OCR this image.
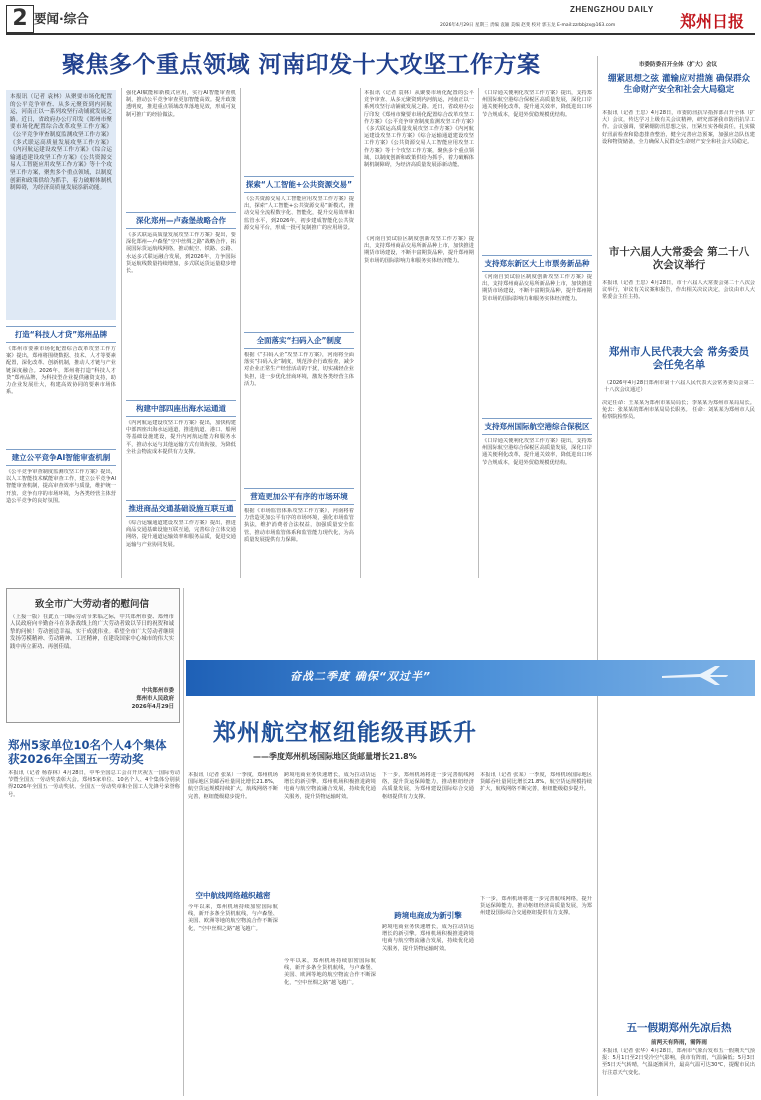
2 要闻·综合
ZHENGZHOU DAILY
2026年4月29日 星期三 责编 袁颖 美编 赵斐 校对 郭玉龙 E-mail:zzrbbjzx@163.com	郑州日报
聚焦多个重点领域 河南印发十大攻坚工作方案
本报讯（记者 袁林）从聚要市场化配置的公平竞争审查、从多元聚资到内河航运，河南正以一系列攻坚行动铺就发展之路。近日，省政府办公厅印发《郑州市聚要市场化配置综合改革攻坚工作方案》《公平竞争审查制度监测攻坚工作方案》《多式联运高质量发展攻坚工作方案》《内河航运建设攻坚工作方案》《综合运输通道建设攻坚工作方案》《公共资源交易人工智能应用攻坚工作方案》等十个攻坚工作方案，聚焦多个重点领域，以制度创新和政策供给为抓手，着力破解体制机制障碍，为经济高质量发展添新动能。
打造“科技人才贷”郑州品牌
《郑州市要素市场化配置综合改革攻坚工作方案》提出，郑州将围绕数据、技术、人才等要素配置，深化改革、创新机制，推动人才链与产业链深度融合。2026年，郑州将打造“科技人才贷”郑州品牌，为科技型企业提供融资支持，助力企业发展壮大，构建高效协同的要素市场体系。
建立公平竞争AI智能审查机制
《公平竞争审查制度监测攻坚工作方案》提出，以人工智能技术赋能审查工作，建立公平竞争AI智能审查机制，提高审查效率与质量，维护统一开放、竞争有序的市场环境，为各类经营主体营造公平竞争的良好氛围。
强化AI赋能和新模式应用，实行AI智能审查机制，推动公平竞争审查更加智能高效。提升政策透明度，推进重点领域改革落地见效，形成可复制可推广的经验做法。
深化郑州—卢森堡战略合作
《多式联运高质量发展攻坚工作方案》提出，要深化郑州—卢森堡“空中丝绸之路”战略合作，拓展国际货运航线网络，推动航空、铁路、公路、水运多式联运融合发展，到2026年，力争国际货运航线数量持续增加，多式联运货运量稳步增长。
构建中部四座出海水运通道
《内河航运建设攻坚工作方案》提出，加快构建中部四座出海水运通道，推进航道、港口、船闸等基础设施建设，提升内河航运能力和服务水平，推动水运与其他运输方式有效衔接，为降低全社会物流成本提供有力支撑。
推进商品交通基础设施互联互通
《综合运输通道建设攻坚工作方案》提出，推进商品交通基础设施互联互通，完善综合立体交通网络，提升通道运输效率和服务品质，促进交通运输与产业协同发展。
探索“人工智能+公共资源交易”
《公共资源交易人工智能应用攻坚工作方案》提出，探索“人工智能+公共资源交易”新模式，推动交易全流程数字化、智能化，提升交易效率和监管水平，到2026年，初步建成智能化公共资源交易平台，形成一批可复制推广的应用场景。
全面落实“扫码入企”制度
根据《“扫码入企”攻坚工作方案》，河南将全面落实“扫码入企”制度，规范涉企行政检查，减少对企业正常生产经营活动的干扰，切实减轻企业负担，进一步优化营商环境，激发各类经营主体活力。
营造更加公平有序的市场环境
根据《市场监管体系攻坚工作方案》，河南将着力营造更加公平有序的市场环境，强化市场监管执法，维护消费者合法权益，加强质量安全监管，推动市场监管体系和监管能力现代化，为高质量发展提供有力保障。
本报讯（记者 袁林）从聚要市场化配置的公平竞争审查、从多元聚资到内河航运，河南正以一系列攻坚行动铺就发展之路。近日，省政府办公厅印发《郑州市聚要市场化配置综合改革攻坚工作方案》《公平竞争审查制度监测攻坚工作方案》《多式联运高质量发展攻坚工作方案》《内河航运建设攻坚工作方案》《综合运输通道建设攻坚工作方案》《公共资源交易人工智能应用攻坚工作方案》等十个攻坚工作方案，聚焦多个重点领域，以制度创新和政策供给为抓手，着力破解体制机制障碍，为经济高质量发展添新动能。
《河南自贸试验区制度创新攻坚工作方案》提出，支持郑州商品交易所新品种上市，加快推进期货市场建设，不断丰富期货品种，提升郑州期货市场的国际影响力和服务实体经济能力。
《口岸通关便利化攻坚工作方案》提出，支持郑州国际航空港综合保税区高质量发展，深化口岸通关便利化改革，提升通关效率，降低进出口环节合规成本，促进外贸稳规模优结构。
支持郑东新区大上市票务新品种
《河南自贸试验区制度创新攻坚工作方案》提出，支持郑州商品交易所新品种上市，加快推进期货市场建设，不断丰富期货品种，提升郑州期货市场的国际影响力和服务实体经济能力。
支持郑州国际航空港综合保税区
《口岸通关便利化攻坚工作方案》提出，支持郑州国际航空港综合保税区高质量发展，深化口岸通关便利化改革，提升通关效率，降低进出口环节合规成本，促进外贸稳规模优结构。
市委防委召开全体（扩大）会议
绷紧思想之弦 灌输应对措施 确保群众生命财产安全和社会大局稳定
本报讯（记者 王思）4月28日，市委防汛抗旱指挥部召开全体（扩大）会议，传达学习上级有关会议精神，研究部署我市防汛抗旱工作。会议强调，要紧绷防汛思想之弦，压紧压实各级责任，扎实做好汛前检查和隐患排查整治，健全完善应急预案，加强应急队伍建设和物资储备，全力确保人民群众生命财产安全和社会大局稳定。
市十六届人大常委会 第二十八次会议举行
本报讯（记者 王思）4月28日，市十六届人大常委会第二十八次会议举行，审议有关议案和报告，作出相关决议决定，会议由市人大常委会主任主持。
郑州市人民代表大会 常务委员会任免名单
（2026年4月28日郑州市第十六届人民代表大会常务委员会第二十八次会议通过）
决定任命：王某某为郑州市某局局长；李某某为郑州市某局局长。 免去：张某某的郑州市某局局长职务。 任命：刘某某为郑州市人民检察院检察员。
五一假期郑州先凉后热
前两天有阵雨，需阵雨
本报讯（记者 张华）4月28日，郑州市气象台发布五一假期天气预报：5月1日至2日受冷空气影响，我市有阵雨，气温偏低；5月3日至5日天气转晴，气温逐渐回升，最高气温可达30℃，提醒市民出行注意天气变化。
致全市广大劳动者的慰问信
（上接一版）在此五一国际劳动节来临之际，中共郑州市委、郑州市人民政府向辛勤奋斗在各条战线上的广大劳动者致以节日的祝贺和诚挚的问候！劳动创造幸福，实干成就伟业。希望全市广大劳动者继续发扬劳模精神、劳动精神、工匠精神，在建设国家中心城市的伟大实践中再立新功、再创佳绩。
中共郑州市委
郑州市人民政府
2026年4月29日
郑州5家单位10名个人4个集体 获2026年全国五一劳动奖
本报讯（记者 杨春林）4月28日，中华全国总工会召开庆祝五一国际劳动节暨全国五一劳动奖表彰大会。郑州5家单位、10名个人、4个集体分别获得2026年全国五一劳动奖状、全国五一劳动奖章和全国工人先锋号荣誉称号。
奋战二季度 确保“双过半”
郑州航空枢纽能级再跃升
——季度郑州机场国际地区货邮量增长21.8%
本报讯（记者 张某）一季度，郑州机场国际地区货邮吞吐量同比增长21.8%，航空货运规模持续扩大，航线网络不断完善，枢纽能级稳步提升。
空中航线网络越织越密
今年以来，郑州机场持续加密国际航线，新开多条全货机航线，与卢森堡、美国、欧洲等地的航空物流合作不断深化，“空中丝绸之路”越飞越广。
跨境电商业务快速增长，成为拉动货运增长的新引擎。郑州机场积极推进跨境电商与航空物流融合发展，持续优化通关服务，提升货物运输时效。
今年以来，郑州机场持续加密国际航线，新开多条全货机航线，与卢森堡、美国、欧洲等地的航空物流合作不断深化，“空中丝绸之路”越飞越广。
下一步，郑州机场将进一步完善航线网络，提升货运保障能力，推动枢纽经济高质量发展，为郑州建设国际综合交通枢纽提供有力支撑。
跨境电商成为新引擎
跨境电商业务快速增长，成为拉动货运增长的新引擎。郑州机场积极推进跨境电商与航空物流融合发展，持续优化通关服务，提升货物运输时效。
本报讯（记者 张某）一季度，郑州机场国际地区货邮吞吐量同比增长21.8%，航空货运规模持续扩大，航线网络不断完善，枢纽能级稳步提升。
下一步，郑州机场将进一步完善航线网络，提升货运保障能力，推动枢纽经济高质量发展，为郑州建设国际综合交通枢纽提供有力支撑。
